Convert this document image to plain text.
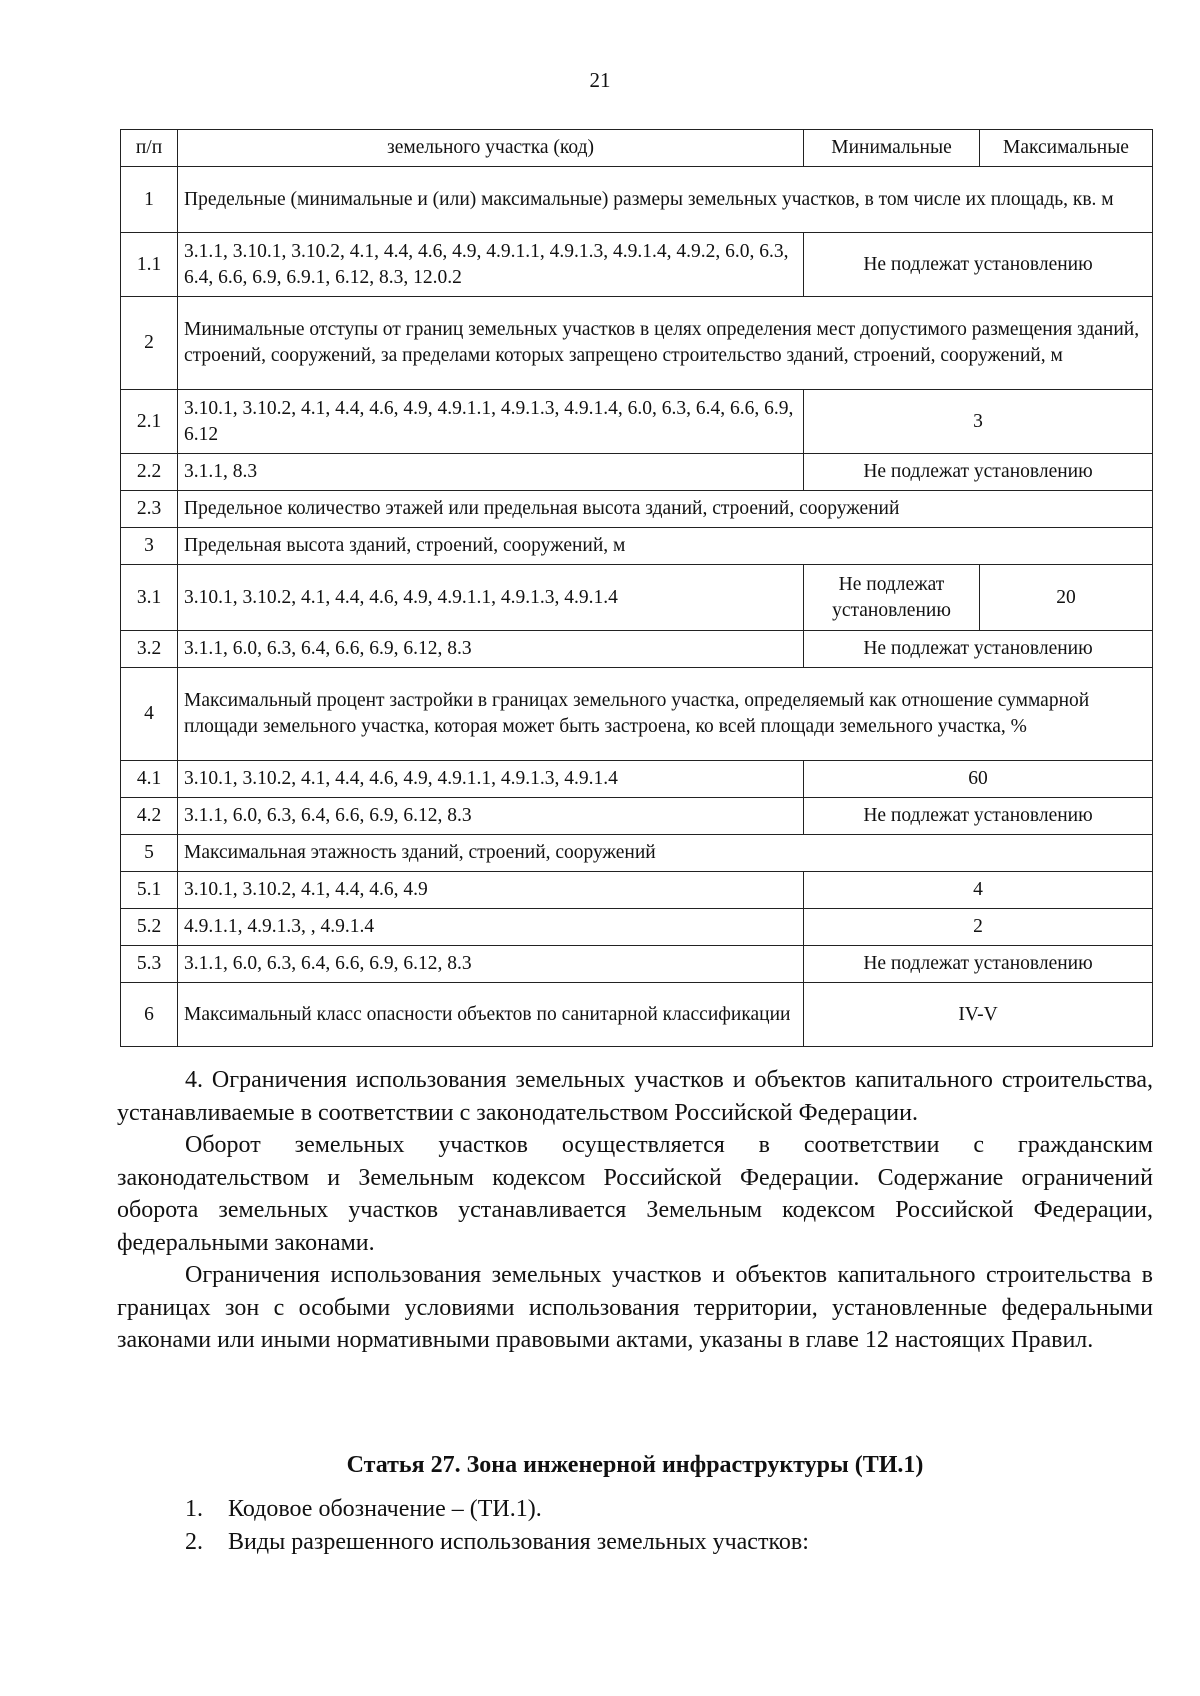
21
п/п	земельного участка (код)	Минимальные	Максимальные
1	Предельные (минимальные и (или) максимальные) размеры земельных участков, в том числе их площадь, кв. м		
1.1	3.1.1, 3.10.1, 3.10.2, 4.1, 4.4, 4.6, 4.9, 4.9.1.1, 4.9.1.3, 4.9.1.4, 4.9.2, 6.0, 6.3, 6.4, 6.6, 6.9, 6.9.1, 6.12, 8.3, 12.0.2	Не подлежат установлению	
2	Минимальные отступы от границ земельных участков в целях определения мест допустимого размещения зданий, строений, сооружений, за пределами которых запрещено строительство зданий, строений, сооружений, м		
2.1	3.10.1, 3.10.2, 4.1, 4.4, 4.6, 4.9, 4.9.1.1, 4.9.1.3, 4.9.1.4, 6.0, 6.3, 6.4, 6.6, 6.9, 6.12	3	
2.2	3.1.1, 8.3	Не подлежат установлению	
2.3	Предельное количество этажей или предельная высота зданий, строений, сооружений		
3	Предельная высота зданий, строений, сооружений, м		
3.1	3.10.1, 3.10.2, 4.1, 4.4, 4.6, 4.9, 4.9.1.1, 4.9.1.3, 4.9.1.4	Не подлежат установлению	20
3.2	3.1.1, 6.0, 6.3, 6.4, 6.6, 6.9, 6.12, 8.3	Не подлежат установлению	
4	Максимальный процент застройки в границах земельного участка, определяемый как отношение суммарной площади земельного участка, которая может быть застроена, ко всей площади земельного участка, %		
4.1	3.10.1, 3.10.2, 4.1, 4.4, 4.6, 4.9, 4.9.1.1, 4.9.1.3, 4.9.1.4	60	
4.2	3.1.1, 6.0, 6.3, 6.4, 6.6, 6.9, 6.12, 8.3	Не подлежат установлению	
5	Максимальная этажность зданий, строений, сооружений		
5.1	3.10.1, 3.10.2, 4.1, 4.4, 4.6, 4.9	4	
5.2	4.9.1.1, 4.9.1.3, , 4.9.1.4	2	
5.3	3.1.1, 6.0, 6.3, 6.4, 6.6, 6.9, 6.12, 8.3	Не подлежат установлению	
6	Максимальный класс опасности объектов по санитарной классификации	IV-V	

4. Ограничения использования земельных участков и объектов капитального строительства, устанавливаемые в соответствии с законодательством Российской Федерации.

Оборот земельных участков осуществляется в соответствии с гражданским законодательством и Земельным кодексом Российской Федерации. Содержание ограничений оборота земельных участков устанавливается Земельным кодексом Российской Федерации, федеральными законами.

Ограничения использования земельных участков и объектов капитального строительства в границах зон с особыми условиями использования территории, установленные федеральными законами или иными нормативными правовыми актами, указаны в главе 12 настоящих Правил.

Статья 27. Зона инженерной инфраструктуры (ТИ.1)
1. Кодовое обозначение – (ТИ.1).
2. Виды разрешенного использования земельных участков:
